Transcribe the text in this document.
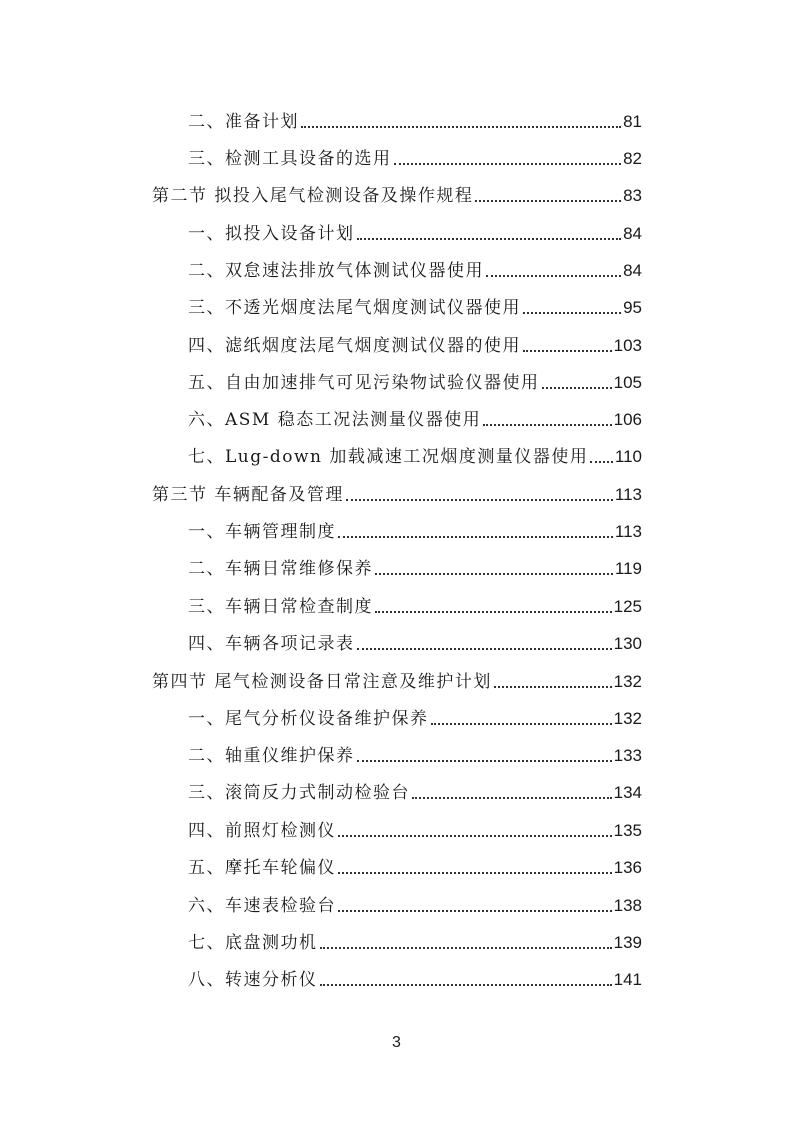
二、准备计划	81
三、检测工具设备的选用	82
第二节 拟投入尾气检测设备及操作规程	83
一、拟投入设备计划	84
二、双怠速法排放气体测试仪器使用	84
三、不透光烟度法尾气烟度测试仪器使用	95
四、滤纸烟度法尾气烟度测试仪器的使用	103
五、自由加速排气可见污染物试验仪器使用	105
六、ASM 稳态工况法测量仪器使用	106
七、Lug-down 加载减速工况烟度测量仪器使用 110
第三节 车辆配备及管理	113
一、车辆管理制度	113
二、车辆日常维修保养	119
三、车辆日常检查制度	125
四、车辆各项记录表	130
第四节 尾气检测设备日常注意及维护计划	132
一、尾气分析仪设备维护保养	132
二、轴重仪维护保养	133
三、滚筒反力式制动检验台	134
四、前照灯检测仪	135
五、摩托车轮偏仪	136
六、车速表检验台	138
七、底盘测功机	139
八、转速分析仪	141
3
